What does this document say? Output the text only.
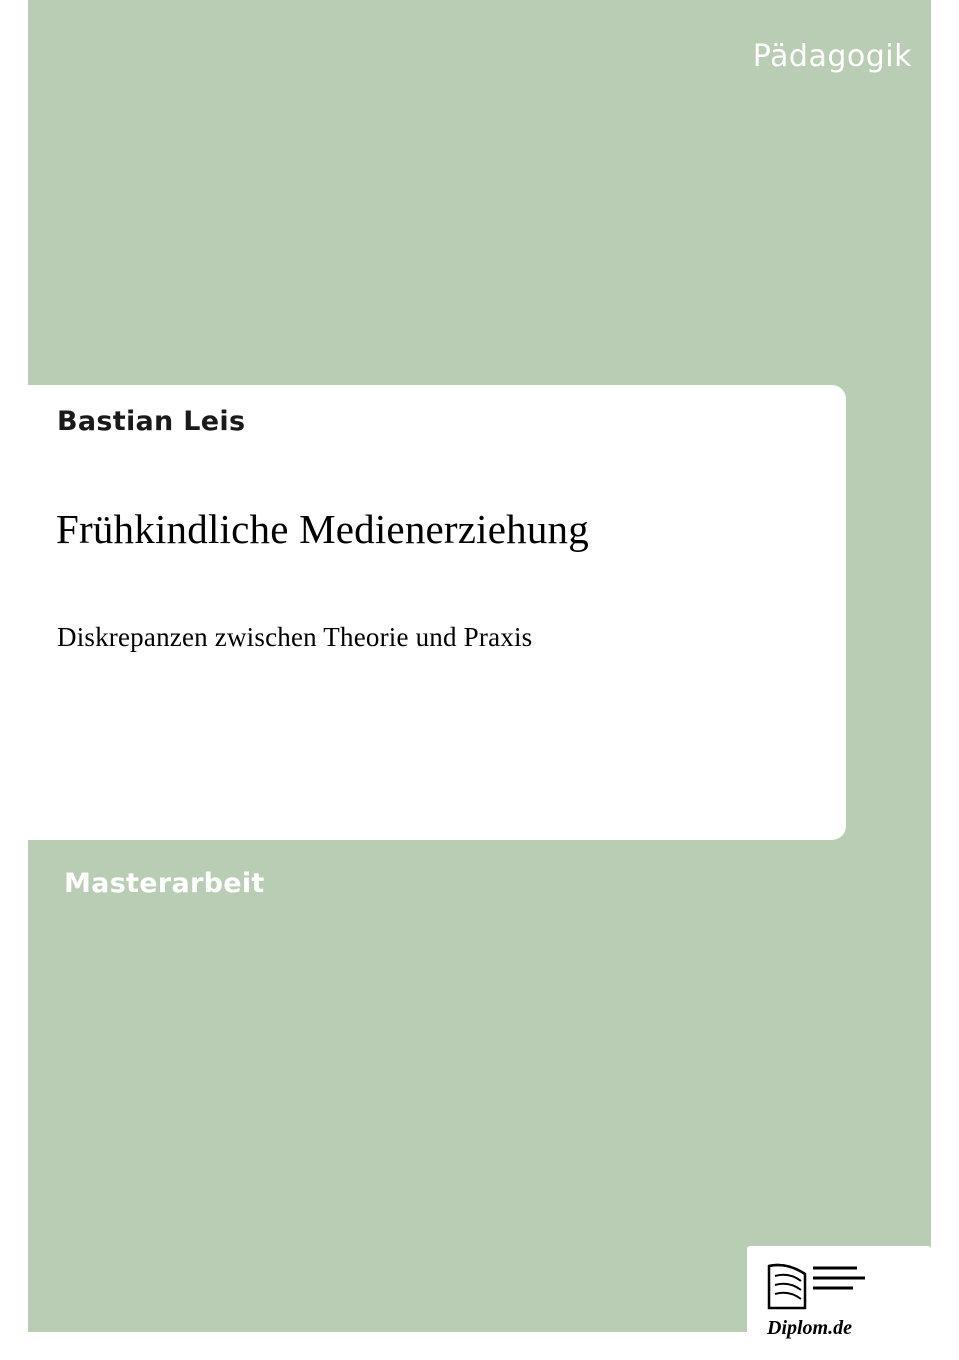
Pädagogik
Bastian Leis
Frühkindliche Medienerziehung
Diskrepanzen zwischen Theorie und Praxis
Masterarbeit
Diplom.de
